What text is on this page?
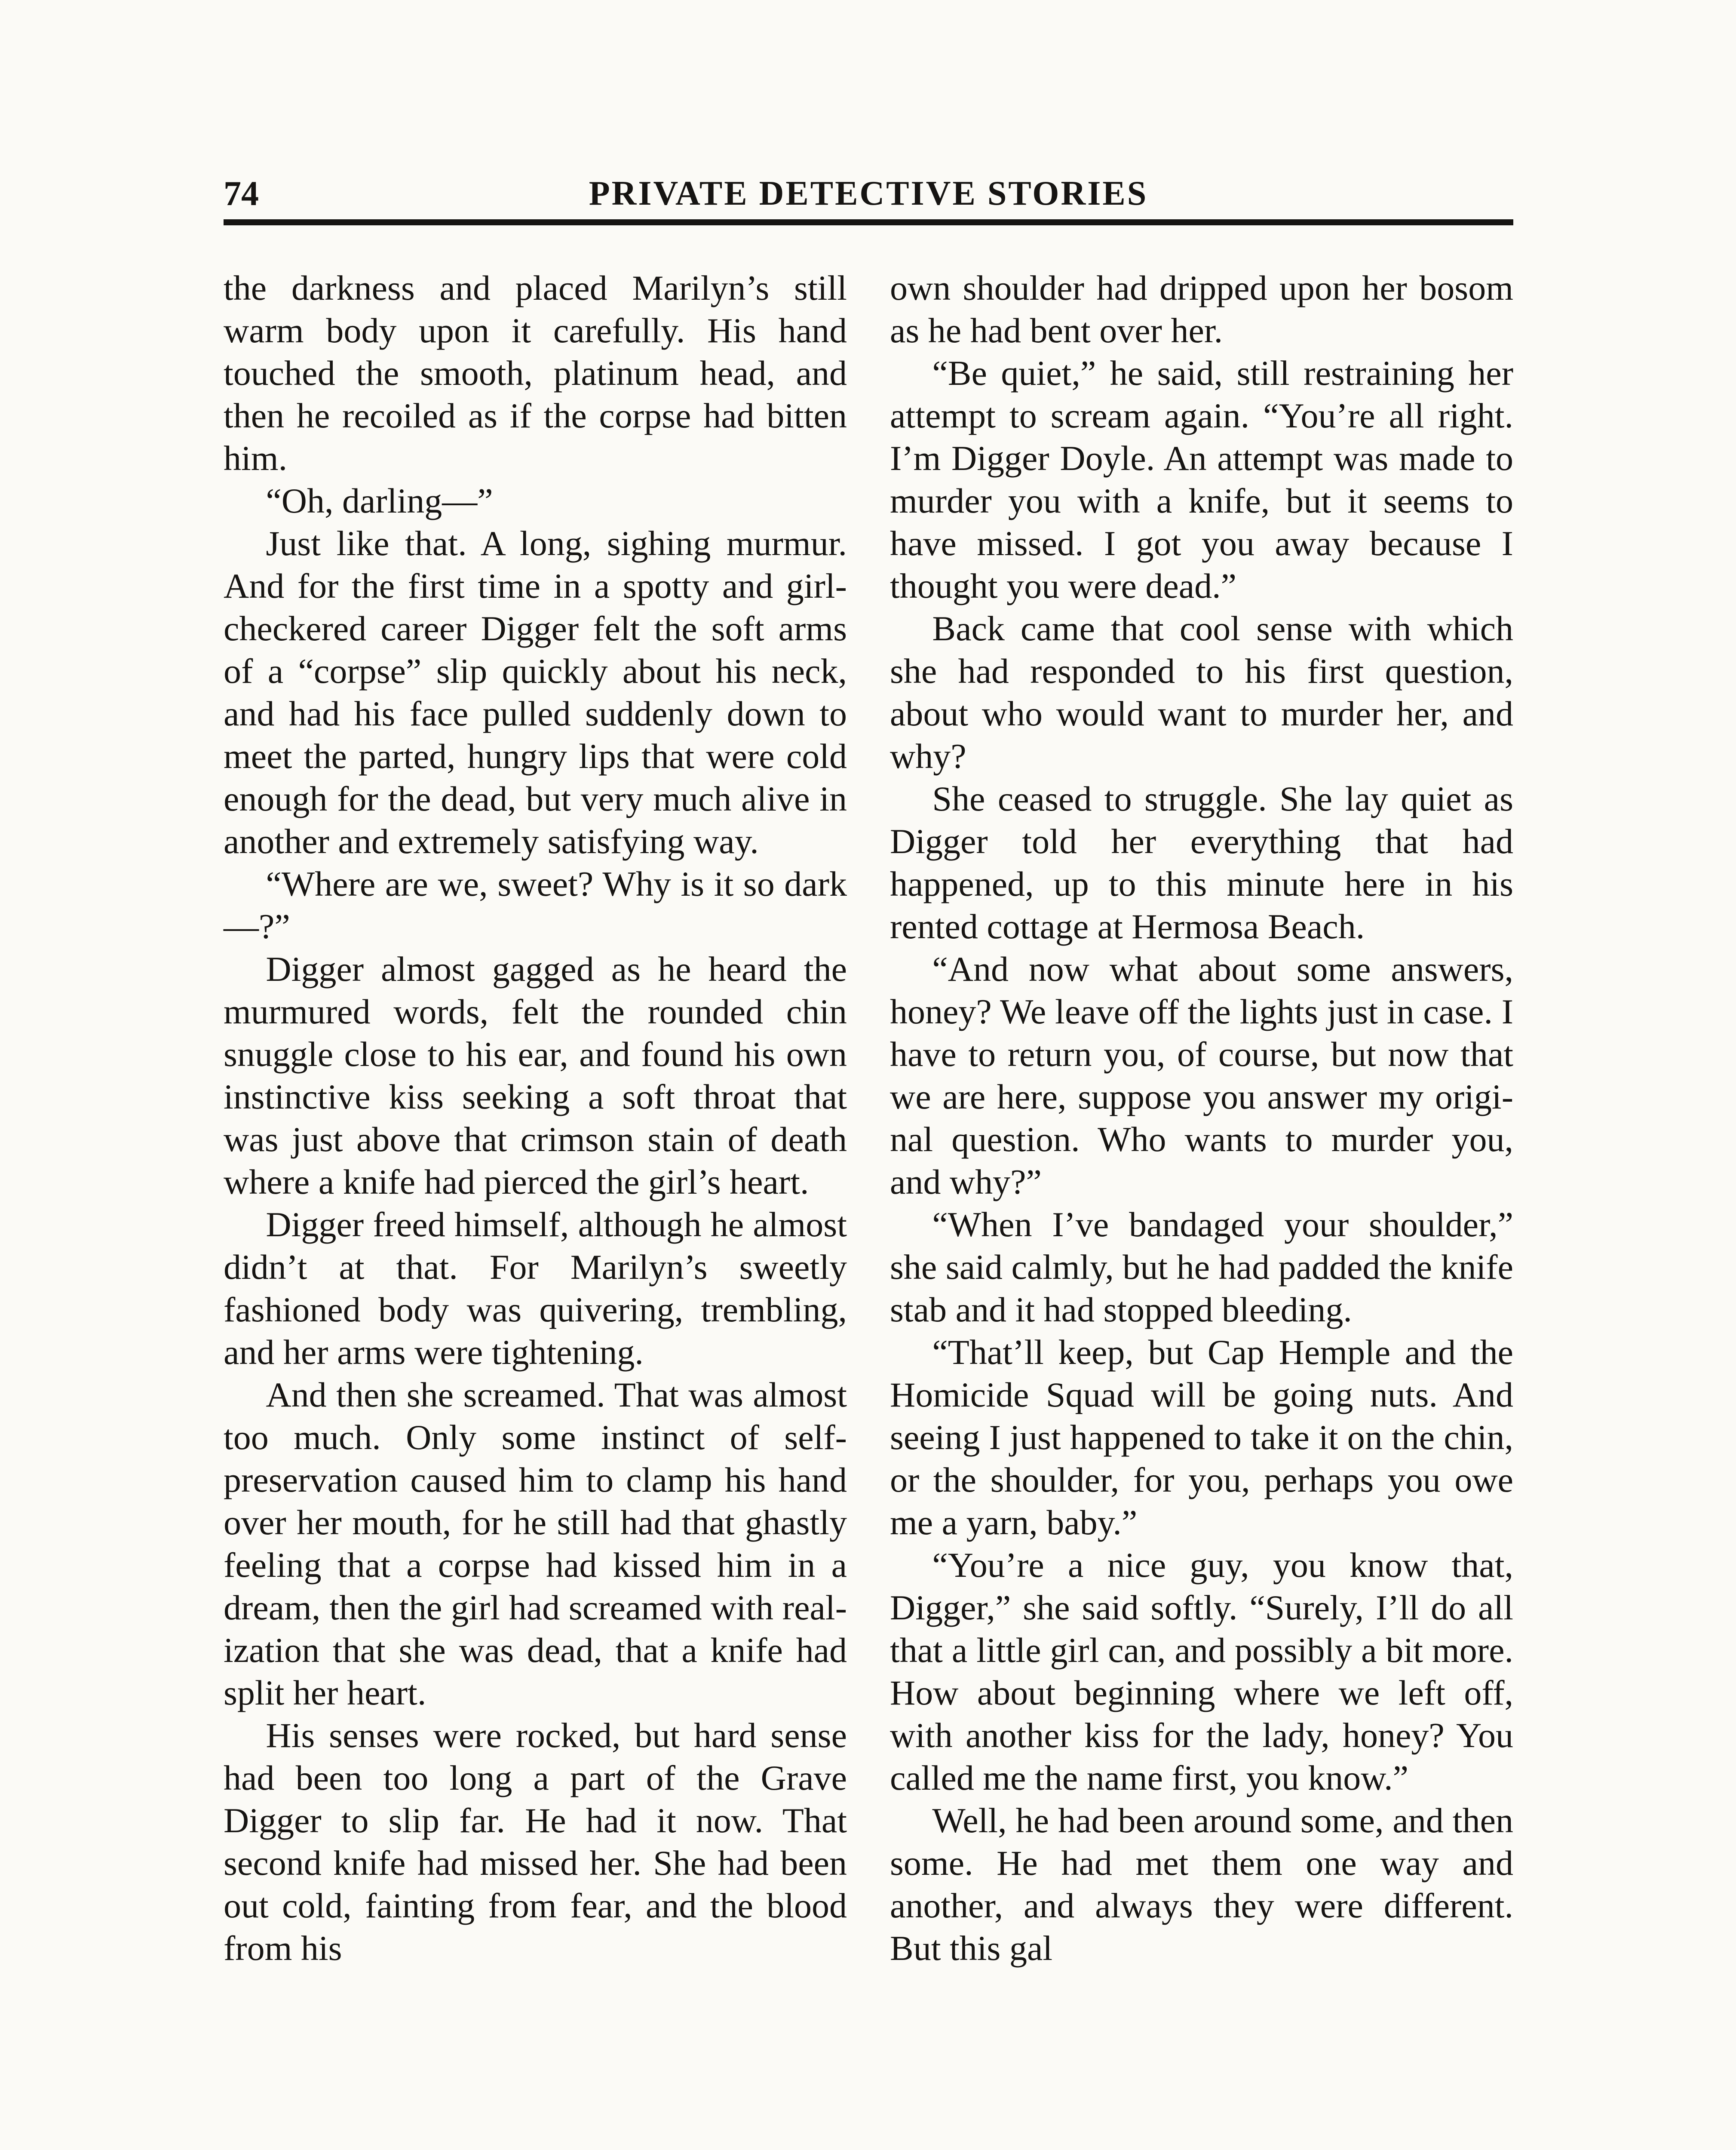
74	PRIVATE DETECTIVE STORIES

the darkness and placed Marilyn’s still warm body upon it carefully. His hand touched the smooth, platinum head, and then he recoiled as if the corpse had bitten him.

“Oh, darling—”

Just like that. A long, sighing murmur. And for the first time in a spotty and girl-checkered career Digger felt the soft arms of a “corpse” slip quickly about his neck, and had his face pulled suddenly down to meet the parted, hungry lips that were cold enough for the dead, but very much alive in another and extremely satisfying way.

“Where are we, sweet? Why is it so dark—?”

Digger almost gagged as he heard the murmured words, felt the rounded chin snuggle close to his ear, and found his own instinctive kiss seeking a soft throat that was just above that crimson stain of death where a knife had pierced the girl’s heart.

Digger freed himself, although he almost didn’t at that. For Marilyn’s sweetly fashioned body was quivering, trembling, and her arms were tightening.

And then she screamed. That was almost too much. Only some instinct of self-preservation caused him to clamp his hand over her mouth, for he still had that ghastly feeling that a corpse had kissed him in a dream, then the girl had screamed with realization that she was dead, that a knife had split her heart.

His senses were rocked, but hard sense had been too long a part of the Grave Digger to slip far. He had it now. That second knife had missed her. She had been out cold, fainting from fear, and the blood from his

own shoulder had dripped upon her bosom as he had bent over her.

“Be quiet,” he said, still restraining her attempt to scream again. “You’re all right. I’m Digger Doyle. An attempt was made to murder you with a knife, but it seems to have missed. I got you away because I thought you were dead.”

Back came that cool sense with which she had responded to his first question, about who would want to murder her, and why?

She ceased to struggle. She lay quiet as Digger told her everything that had happened, up to this minute here in his rented cottage at Hermosa Beach.

“And now what about some answers, honey? We leave off the lights just in case. I have to return you, of course, but now that we are here, suppose you answer my original question. Who wants to murder you, and why?”

“When I’ve bandaged your shoulder,” she said calmly, but he had padded the knife stab and it had stopped bleeding.

“That’ll keep, but Cap Hemple and the Homicide Squad will be going nuts. And seeing I just happened to take it on the chin, or the shoulder, for you, perhaps you owe me a yarn, baby.”

“You’re a nice guy, you know that, Digger,” she said softly. “Surely, I’ll do all that a little girl can, and possibly a bit more. How about beginning where we left off, with another kiss for the lady, honey? You called me the name first, you know.”

Well, he had been around some, and then some. He had met them one way and another, and always they were different. But this gal
